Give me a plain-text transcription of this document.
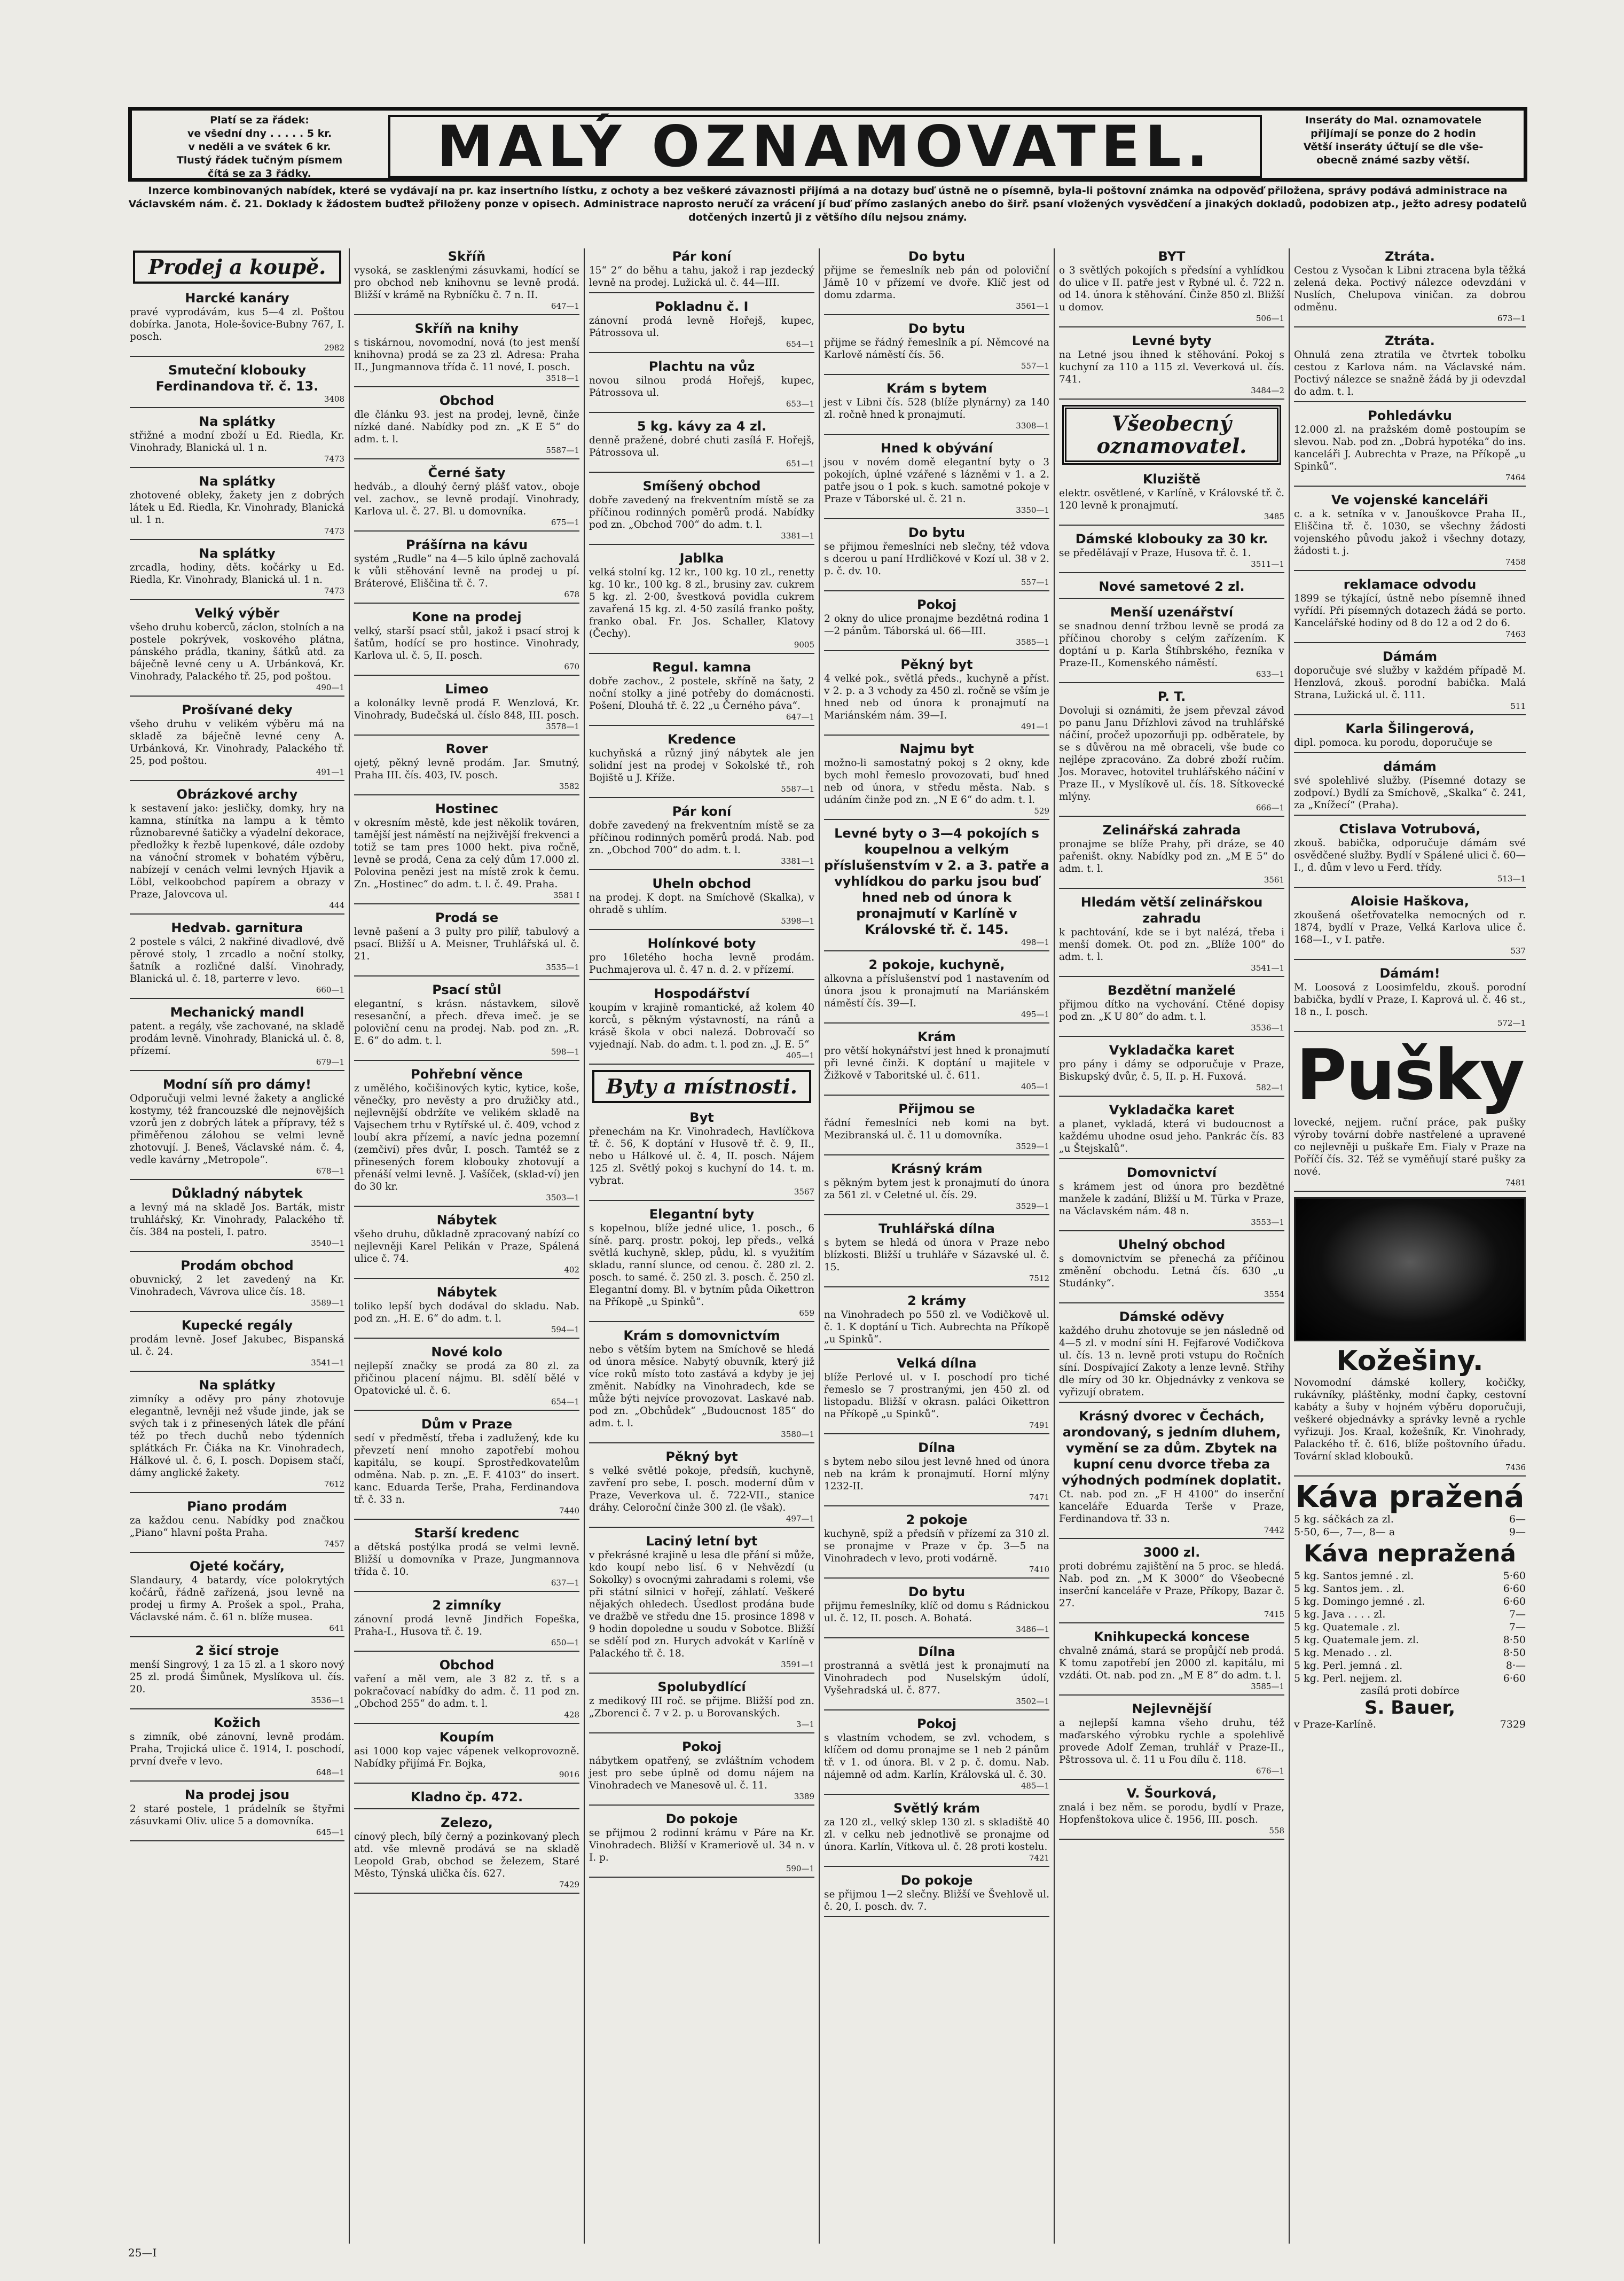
Platí se za řádek:
ve všední dny . . . . . 5 kr.
v neděli a ve svátek 6 kr.
Tlustý řádek tučným písmem
čítá se za 3 řádky.	MALÝ OZNAMOVATEL.	Inseráty do Mal. oznamovatele
přijímají se ponze do 2 hodin
Větší inseráty účtují se dle vše-
obecně známé sazby větší.
Inzerce kombinovaných nabídek, které se vydávají na pr. kaz insertního lístku, z ochoty a bez veškeré závaznosti přijímá a na dotazy buď ústně ne o písemně, byla-li poštovní známka na odpověď přiložena, správy podává administrace na Václavském nám. č. 21. Doklady k žádostem buďtež přiloženy ponze v opisech. Administrace naprosto neručí za vrácení jí buď přímo zaslaných anebo do širř. psaní vložených vysvědčení a jinakých dokladů, podobizen atp., ježto adresy podatelů dotčených inzertů ji z většího dílu nejsou známy.
Prodej a koupě.
Harcké kanáry

pravé vyprodávám, kus 5—4 zl. Poštou dobírka. Janota, Hole-šovice-Bubny 767, I. posch.

2982
Smuteční klobouky Ferdinandova tř. č. 13.

3408
Na splátky

střižné a modní zboží u Ed. Riedla, Kr. Vinohrady, Blanická ul. 1 n.

7473
Na splátky

zhotovené obleky, žakety jen z dobrých látek u Ed. Riedla, Kr. Vinohrady, Blanická ul. 1 n.

7473
Na splátky

zrcadla, hodiny, děts. kočárky u Ed. Riedla, Kr. Vinohrady, Blanická ul. 1 n.

7473
Velký výběr

všeho druhu koberců, záclon, stolních a na postele pokrývek, voskového plátna, pánského prádla, tkaniny, šátků atd. za báječně levné ceny u A. Urbánková, Kr. Vinohrady, Palackého tř. 25, pod poštou.

490—1
Prošívané deky

všeho druhu v velikém výběru má na skladě za báječně levné ceny A. Urbánková, Kr. Vinohrady, Palackého tř. 25, pod poštou.

491—1
Obrázkové archy

k sestavení jako: jesličky, domky, hry na kamna, stínítka na lampu a k těmto různobarevné šatičky a výadelní dekorace, předložky k řezbě lupenkové, dále ozdoby na vánoční stromek v bohatém výběru, nabízejí v cenách velmi levných Hjavik a Löbl, velkoobchod papírem a obrazy v Praze, Jalovcova ul.

444
Hedvab. garnitura

2 postele s válci, 2 nakřiné divadlové, dvě pěrové stoly, 1 zrcadlo a noční stolky, šatník a rozličné další. Vinohrady, Blanická ul. č. 18, parterre v levo.

660—1
Mechanický mandl

patent. a regály, vše zachované, na skladě prodám levně. Vinohrady, Blanická ul. č. 8, přízemí.

679—1
Modní síň pro dámy!

Odporučuji velmi levné žakety a anglické kostymy, též francouzské dle nejnovějších vzorů jen z dobrých látek a přípravy, též s přiměřenou zálohou se velmi levně zhotovují. J. Beneš, Václavské nám. č. 4, vedle kavárny „Metropole“.

678—1
Důkladný nábytek

a levný má na skladě Jos. Barták, mistr truhlářský, Kr. Vinohrady, Palackého tř. čís. 384 na posteli, I. patro.

3540—1
Prodám obchod

obuvnický, 2 let zavedený na Kr. Vinohradech, Vávrova ulice čís. 18.

3589—1
Kupecké regály

prodám levně. Josef Jakubec, Bispanská ul. č. 24.

3541—1
Na splátky

zimníky a oděvy pro pány zhotovuje elegantně, levněji než všude jinde, jak se svých tak i z přinesených látek dle přání též po třech duchů nebo týdenních splátkách Fr. Čiáka na Kr. Vinohradech, Hálkové ul. č. 6, I. posch. Dopisem stačí, dámy anglické žakety.

7612
Piano prodám

za každou cenu. Nabídky pod značkou „Piano“ hlavní pošta Praha.

7457
Ojeté kočáry,

Slandaury, 4 batardy, více polokrytých kočárů, řádně zařízená, jsou levně na prodej u firmy A. Prošek a spol., Praha, Václavské nám. č. 61 n. blíže musea.

641
2 šicí stroje

menší Singrový, 1 za 15 zl. a 1 skoro nový 25 zl. prodá Šimůnek, Myslíkova ul. čís. 20.

3536—1
Kožich

s zimník, obé zánovní, levně prodám. Praha, Trojická ulice č. 1914, I. poschodí, první dveře v levo.

648—1
Na prodej jsou

2 staré postele, 1 prádelník se štyřmi zásuvkami Oliv. ulice 5 a domovníka.

645—1
Skříň

vysoká, se zasklenými zásuvkami, hodící se pro obchod neb knihovnu se levně prodá. Bližší v krámě na Rybníčku č. 7 n. II.

647—1
Skříň na knihy

s tiskárnou, novomodní, nová (to jest menší knihovna) prodá se za 23 zl. Adresa: Praha II., Jungmannova třída č. 11 nové, I. posch.

3518—1
Obchod

dle článku 93. jest na prodej, levně, činže nízké dané. Nabídky pod zn. „K E 5“ do adm. t. l.

5587—1
Černé šaty

hedváb., a dlouhý černý plášť vatov., oboje vel. zachov., se levně prodají. Vinohrady, Karlova ul. č. 27. Bl. u domovníka.

675—1
Prášírna na kávu

systém „Rudle“ na 4—5 kilo úplně zachovalá k vůli stěhování levně na prodej u pí. Bráterové, Eliščina tř. č. 7.

678
Kone na prodej

velký, starší psací stůl, jakož i psací stroj k šatům, hodící se pro hostince. Vinohrady, Karlova ul. č. 5, II. posch.

670
Limeo

a kolonálky levně prodá F. Wenzlová, Kr. Vinohrady, Budečská ul. číslo 848, III. posch.

3578—1
Rover

ojetý, pěkný levně prodám. Jar. Smutný, Praha III. čís. 403, IV. posch.

3582
Hostinec

v okresním městě, kde jest několik továren, tamější jest náměstí na nejživější frekvenci a totiž se tam pres 1000 hekt. piva ročně, levně se prodá, Cena za celý dům 17.000 zl. Polovina penězi jest na místě zrok k čemu. Zn. „Hostinec“ do adm. t. l. č. 49. Praha.

3581 I
Prodá se

levně pašení a 3 pulty pro pilíř, tabulový a psací. Bližší u A. Meisner, Truhlářská ul. č. 21.

3535—1
Psací stůl

elegantní, s krásn. nástavkem, silově resesanční, a přech. dřeva imeč. je se poloviční cenu na prodej. Nab. pod zn. „R. E. 6“ do adm. t. l.

598—1
Pohřební věnce

z umělého, kočišinových kytic, kytice, koše, věnečky, pro nevěsty a pro družičky atd., nejlevnější obdržíte ve velikém skladě na Vajsechem trhu v Rytířské ul. č. 409, vchod z loubí akra přízemí, a navíc jedna pozemní (zemčiví) přes dvůr, I. posch. Tamtéž se z přinesených forem klobouky zhotovují a přenáší velmi levně. J. Vašíček, (sklad-ví) jen do 30 kr.

3503—1
Nábytek

všeho druhu, důkladně zpracovaný nabízí co nejlevněji Karel Pelikán v Praze, Spálená ulice č. 74.

402
Nábytek

toliko lepší bych dodával do skladu. Nab. pod zn. „H. E. 6“ do adm. t. l.

594—1
Nové kolo

nejlepší značky se prodá za 80 zl. za přičinou placení nájmu. Bl. sdělí bělé v Opatovické ul. č. 6.

654—1
Dům v Praze

sedí v předměstí, třeba i zadlužený, kde ku převzetí není mnoho zapotřebí mohou kapitálu, se koupí. Sprostředkovatelům odměna. Nab. p. zn. „E. F. 4103“ do insert. kanc. Eduarda Terše, Praha, Ferdinandova tř. č. 33 n.

7440
Starší kredenc

a dětská postýlka prodá se velmi levně. Bližší u domovníka v Praze, Jungmannova třída č. 10.

637—1
2 zimníky

zánovní prodá levně Jindřich Fopeška, Praha-I., Husova tř. č. 19.

650—1
Obchod

vaření a měl vem, ale 3 82 z. tř. s a pokračovací nabídky do adm. č. 11 pod zn. „Obchod 255“ do adm. t. l.

428
Koupím

asi 1000 kop vajec vápenek velkoprovozně. Nabídky přijímá Fr. Bojka,

9016
Kladno čp. 472.

Zelezo,

cínový plech, bílý černý a pozinkovaný plech atd. vše mlevně prodává se na skladě Leopold Grab, obchod se železem, Staré Město, Týnská ulička čís. 627.

7429
Pár koní

15“ 2“ do běhu a tahu, jakož i rap jezdecký levně na prodej. Lužická ul. č. 44—III.

Pokladnu č. I

zánovní prodá levně Hořejš, kupec, Pátrossova ul.

654—1
Plachtu na vůz

novou silnou prodá Hořejš, kupec, Pátrossova ul.

653—1
5 kg. kávy za 4 zl.

denně pražené, dobré chuti zasílá F. Hořejš, Pátrossova ul.

651—1
Smíšený obchod

dobře zavedený na frekventním místě se za příčinou rodinných poměrů prodá. Nabídky pod zn. „Obchod 700“ do adm. t. l.

3381—1
Jablka

velká stolní kg. 12 kr., 100 kg. 10 zl., renetty kg. 10 kr., 100 kg. 8 zl., brusiny zav. cukrem 5 kg. zl. 2·00, švestková povidla cukrem zavařená 15 kg. zl. 4·50 zasílá franko pošty, franko obal. Fr. Jos. Schaller, Klatovy (Čechy).

9005
Regul. kamna

dobře zachov., 2 postele, skříně na šaty, 2 noční stolky a jiné potřeby do domácnosti. Pošení, Dlouhá tř. č. 22 „u Černého páva“.

647—1
Kredence

kuchyňská a různý jiný nábytek ale jen solidní jest na prodej v Sokolské tř., roh Bojiště u J. Kříže.

5587—1
Pár koní

dobře zavedený na frekventním místě se za příčinou rodinných poměrů prodá. Nab. pod zn. „Obchod 700“ do adm. t. l.

3381—1
Uheln obchod

na prodej. K dopt. na Smíchově (Skalka), v ohradě s uhlím.

5398—1
Holínkové boty

pro 16letého hocha levně prodám. Puchmajerova ul. č. 47 n. d. 2. v přízemí.

Hospodářství

koupím v krajině romantické, až kolem 40 korců, s pěkným výstavností, na ránů a krásě škola v obci nalezá. Dobrovačí so vyjednají. Nab. do adm. t. l. pod zn. „J. E. 5“

405—1
Byty a místnosti.
Byt

přenechám na Kr. Vinohradech, Havlíčkova tř. č. 56, K doptání v Husově tř. č. 9, II., nebo u Hálkové ul. č. 4, II. posch. Nájem 125 zl. Světlý pokoj s kuchyní do 14. t. m. vybrat.

3567
Elegantní byty

s kopelnou, blíže jedné ulice, 1. posch., 6 síně. parq. prostr. pokoj, lep předs., velká světlá kuchyně, sklep, půdu, kl. s využitím skladu, ranní slunce, od cenou. č. 280 zl. 2. posch. to samé. č. 250 zl. 3. posch. č. 250 zl. Elegantní domy. Bl. v bytním půda Oikettron na Příkopě „u Spinků“.

659
Krám s domovnictvím

nebo s větším bytem na Smíchově se hledá od února měsíce. Nabytý obuvník, který již více roků místo toto zastává a kdyby je jej změnit. Nabídky na Vinohradech, kde se může býti nejvíce provozovat. Laskavé nab. pod zn. „Obchůdek“ „Budoucnost 185“ do adm. t. l.

3580—1
Pěkný byt

s velké světlé pokoje, předsíň, kuchyně, zavření pro sebe, I. posch. moderní dům v Praze, Veverkova ul. č. 722-VII., stanice dráhy. Celoroční činže 300 zl. (le však).

497—1
Laciný letní byt

v překrásné krajině u lesa dle přání si může, kdo koupí nebo lisí. 6 v Nehvězdí (u Sokolky) s ovocnými zahradami s rolemi, vše při státní silnici v hořejí, záhlatí. Veškeré nějakých ohledech. Úsedlost prodána bude ve dražbě ve středu dne 15. prosince 1898 v 9 hodin dopoledne u soudu v Sobotce. Bližší se sdělí pod zn. Hurych advokát v Karlíně v Palackého tř. č. 18.

3591—1
Spolubydlící

z medikový III roč. se přijme. Bližší pod zn. „Zborenci č. 7 v 2. p. u Borovanských.

3—1
Pokoj

nábytkem opatřený, se zvláštním vchodem jest pro sebe úplně od domu nájem na Vinohradech ve Manesově ul. č. 11.

3389
Do pokoje

se přijmou 2 rodinní krámu v Páre na Kr. Vinohradech. Bližší v Krameriově ul. 34 n. v I. p.

590—1
Do bytu

přijme se řemeslník neb pán od poloviční Jámě 10 v přízemí ve dvoře. Klíč jest od domu zdarma.

3561—1
Do bytu

přijme se řádný řemeslník a pí. Němcové na Karlově náměstí čís. 56.

557—1
Krám s bytem

jest v Libni čís. 528 (blíže plynárny) za 140 zl. ročně hned k pronajmutí.

3308—1
Hned k obývání

jsou v novém domě elegantní byty o 3 pokojích, úplné vzářené s lázněmi v 1. a 2. patře jsou o 1 pok. s kuch. samotné pokoje v Praze v Táborské ul. č. 21 n.

3350—1
Do bytu

se přijmou řemeslníci neb slečny, též vdova s dcerou u paní Hrdličkové v Kozí ul. 38 v 2. p. č. dv. 10.

557—1
Pokoj

2 okny do ulice pronajme bezdětná rodina 1—2 pánům. Táborská ul. 66—III.

3585—1
Pěkný byt

4 velké pok., světlá předs., kuchyně a příst. v 2. p. a 3 vchody za 450 zl. ročně se vším je hned neb od února k pronajmutí na Mariánském nám. 39—I.

491—1
Najmu byt

možno-li samostatný pokoj s 2 okny, kde bych mohl řemeslo provozovati, buď hned neb od února, v středu města. Nab. s udáním činže pod zn. „N E 6“ do adm. t. l.

529
Levné byty o 3—4 pokojích s koupelnou a velkým příslušenstvím v 2. a 3. patře a vyhlídkou do parku jsou buď hned neb od února k pronajmutí v Karlíně v Královské tř. č. 145.

498—1
2 pokoje, kuchyně,

alkovna a příslušenství pod 1 nastavením od února jsou k pronajmutí na Mariánském náměstí čís. 39—I.

495—1
Krám

pro větší hokynářství jest hned k pronajmutí při levné činži. K doptání u majitele v Žižkově v Taboritské ul. č. 611.

405—1
Přijmou se

řádní řemeslníci neb komi na byt. Mezibranská ul. č. 11 u domovníka.

3529—1
Krásný krám

s pěkným bytem jest k pronajmutí do února za 561 zl. v Celetné ul. čís. 29.

3529—1
Truhlářská dílna

s bytem se hledá od února v Praze nebo blízkosti. Bližší u truhláře v Sázavské ul. č. 15.

7512
2 krámy

na Vinohradech po 550 zl. ve Vodičkově ul. č. 1. K doptání u Tich. Aubrechta na Příkopě „u Spinků“.

Velká dílna

blíže Perlové ul. v I. poschodí pro tiché řemeslo se 7 prostranými, jen 450 zl. od listopadu. Bližší v okrasn. paláci Oikettron na Příkopě „u Spinků“.

7491
Dílna

s bytem nebo silou jest levně hned od února neb na krám k pronajmutí. Horní mlýny 1232-II.

7471
2 pokoje

kuchyně, spíž a předsíň v přízemí za 310 zl. se pronajme v Praze v čp. 3—5 na Vinohradech v levo, proti vodárně.

7410
Do bytu

přijmu řemeslníky, klíč od domu s Rádnickou ul. č. 12, II. posch. A. Bohatá.

3486—1
Dílna

prostranná a světlá jest k pronajmutí na Vinohradech pod Nuselským údolí, Vyšehradská ul. č. 877.

3502—1
Pokoj

s vlastním vchodem, se zvl. vchodem, s klíčem od domu pronajme se 1 neb 2 pánům tř. v 1. od února. Bl. v 2 p. č. domu. Nab. nájemně od adm. Karlín, Královská ul. č. 30.

485—1
Světlý krám

za 120 zl., velký sklep 130 zl. s skladiště 40 zl. v celku neb jednotlivě se pronajme od února. Karlín, Vítkova ul. č. 28 proti kostelu.

7421
Do pokoje

se přijmou 1—2 slečny. Bližší ve Švehlově ul. č. 20, I. posch. dv. 7.

BYT

o 3 světlých pokojích s předsíní a vyhlídkou do ulice v II. patře jest v Rybné ul. č. 722 n. od 14. února k stěhování. Činže 850 zl. Bližší u domov.

506—1
Levné byty

na Letné jsou ihned k stěhování. Pokoj s kuchyní za 110 a 115 zl. Veverková ul. čís. 741.

3484—2
Všeobecný oznamovatel.
Kluziště

elektr. osvětlené, v Karlíně, v Královské tř. č. 120 levně k pronajmutí.

3485
Dámské klobouky za 30 kr.

se předělávají v Praze, Husova tř. č. 1.

3511—1
Nové sametové 2 zl.

Menší uzenářství

se snadnou denní tržbou levně se prodá za příčinou choroby s celým zařízením. K doptání u p. Karla Štíhbrského, řezníka v Praze-II., Komenského náměstí.

633—1
P. T.

Dovoluji si oznámiti, že jsem převzal závod po panu Janu Dřízhlovi závod na truhlářské náčiní, pročež upozorňuji pp. odběratele, by se s důvěrou na mě obraceli, vše bude co nejlépe zpracováno. Za dobré zboží ručím. Jos. Moravec, hotovitel truhlářského náčiní v Praze II., v Myslíkově ul. čís. 18. Sítkovecké mlýny.

666—1
Zelinářská zahrada

pronajme se blíže Prahy, při dráze, se 40 pařeništ. okny. Nabídky pod zn. „M E 5“ do adm. t. l.

3561
Hledám větší zelinářskou zahradu

k pachtování, kde se i byt nalézá, třeba i menší domek. Ot. pod zn. „Blíže 100“ do adm. t. l.

3541—1
Bezdětní manželé

přijmou dítko na vychování. Ctěné dopisy pod zn. „K U 80“ do adm. t. l.

3536—1
Vykladačka karet

pro pány i dámy se odporučuje v Praze, Biskupský dvůr, č. 5, II. p. H. Fuxová.

582—1
Vykladačka karet

a planet, vykladá, která vi budoucnost a každému uhodne osud jeho. Pankrác čís. 83 „u Štejskalů“.

Domovnictví

s krámem jest od února pro bezdětné manžele k zadání, Bližší u M. Türka v Praze, na Václavském nám. 48 n.

3553—1
Uhelný obchod

s domovnictvím se přenechá za příčinou změnění obchodu. Letná čís. 630 „u Studánky“.

3554
Dámské oděvy

každého druhu zhotovuje se jen následně od 4—5 zl. v modní síni H. Fejfarové Vodičkova ul. čís. 13 n. levně proti vstupu do Ročních síní. Dospívající Zakoty a lenze levně. Střihy dle míry od 30 kr. Objednávky z venkova se vyřizují obratem.

Krásný dvorec v Čechách, arondovaný, s jedním dluhem, vymění se za dům. Zbytek na kupní cenu dvorce třeba za výhodných podmínek doplatit.

Ct. nab. pod zn. „F H 4100“ do inserční kanceláře Eduarda Terše v Praze, Ferdinandova tř. 33 n.

7442
3000 zl.

proti dobrému zajištění na 5 proc. se hledá. Nab. pod zn. „M K 3000“ do Všeobecné inserční kanceláře v Praze, Příkopy, Bazar č. 27.

7415
Knihkupecká koncese

chvalně známá, stará se propůjčí neb prodá. K tomu zapotřebí jen 2000 zl. kapitálu, mi vzdáti. Ot. nab. pod zn. „M E 8“ do adm. t. l.

3585—1
Nejlevnější

a nejlepší kamna všeho druhu, též maďarského výrobku rychle a spolehlivě provede Adolf Zeman, truhlář v Praze-II., Pštrossova ul. č. 11 u Fou dílu č. 118.

676—1
V. Šourková,

znalá i bez něm. se porodu, bydlí v Praze, Hopfenštokova ulice č. 1956, III. posch.

558
Ztráta.

Cestou z Vysočan k Libni ztracena byla těžká zelená deka. Poctivý nálezce odevzdáni v Nuslích, Chelupova viničan. za dobrou odměnu.

673—1
Ztráta.

Ohnulá zena ztratila ve čtvrtek tobolku cestou z Karlova nám. na Václavské nám. Poctivý nálezce se snažně žádá by ji odevzdal do adm. t. l.

Pohledávku

12.000 zl. na pražském domě postoupím se slevou. Nab. pod zn. „Dobrá hypotéka“ do ins. kanceláři J. Aubrechta v Praze, na Příkopě „u Spinků“.

7464
Ve vojenské kanceláři

c. a k. setníka v v. Janouškovce Praha II., Eliščina tř. č. 1030, se všechny žádosti vojenského původu jakož i všechny dotazy, žádosti t. j.

7458
reklamace odvodu

1899 se týkající, ústně nebo písemně ihned vyřídí. Při písemných dotazech žádá se porto. Kancelářské hodiny od 8 do 12 a od 2 do 6.

7463
Dámám

doporučuje své služby v každém případě M. Henzlová, zkouš. porodní babička. Malá Strana, Lužická ul. č. 111.

511
Karla Šilingerová,

dipl. pomoca. ku porodu, doporučuje se

dámám

své spolehlivé služby. (Písemné dotazy se zodpoví.) Bydlí za Smíchově, „Skalka“ č. 241, za „Knížecí“ (Praha).

Ctislava Votrubová,

zkouš. babička, odporučuje dámám své osvědčené služby. Bydlí v Spálené ulici č. 60—I., d. dům v levo u Ferd. třídy.

513—1
Aloisie Haškova,

zkoušená ošetřovatelka nemocných od r. 1874, bydlí v Praze, Velká Karlova ulice č. 168—I., v I. patře.

537
Dámám!

M. Loosová z Loosimfeldu, zkouš. porodní babička, bydlí v Praze, I. Kaprová ul. č. 46 st., 18 n., I. posch.

572—1
Pušky

lovecké, nejjem. ruční práce, pak pušky výroby tovární dobře nastřelené a upravené co nejlevněji u puškaře Em. Fialy v Praze na Poříčí čís. 32. Též se vyměňují staré pušky za nové.

7481
Kožešiny.

Novomodní dámské kollery, kočičky, rukávníky, pláštěnky, modní čapky, cestovní kabáty a šuby v hojném výběru doporučuji, veškeré objednávky a správky levně a rychle vyřizuji. Jos. Kraal, kožešník, Kr. Vinohrady, Palackého tř. č. 616, blíže poštovního úřadu. Tovární sklad klobouků.

7436
Káva pražená
5 kg. sáčkách za zl.	6—
5·50, 6—, 7—, 8— a	9—
Káva nepražená
5 kg. Santos jemné . zl.	5·60
5 kg. Santos jem. . zl.	6·60
5 kg. Domingo jemné . zl.	6·60
5 kg. Java . . . . zl.	7—
5 kg. Quatemale . zl.	7—
5 kg. Quatemale jem. zl.	8·50
5 kg. Menado . . zl.	8·50
5 kg. Perl. jemná . zl.	8·—
5 kg. Perl. nejjem. zl.	6·60
zasílá proti dobírce
S. Bauer,
v Praze-Karlíně.	7329
25—I
